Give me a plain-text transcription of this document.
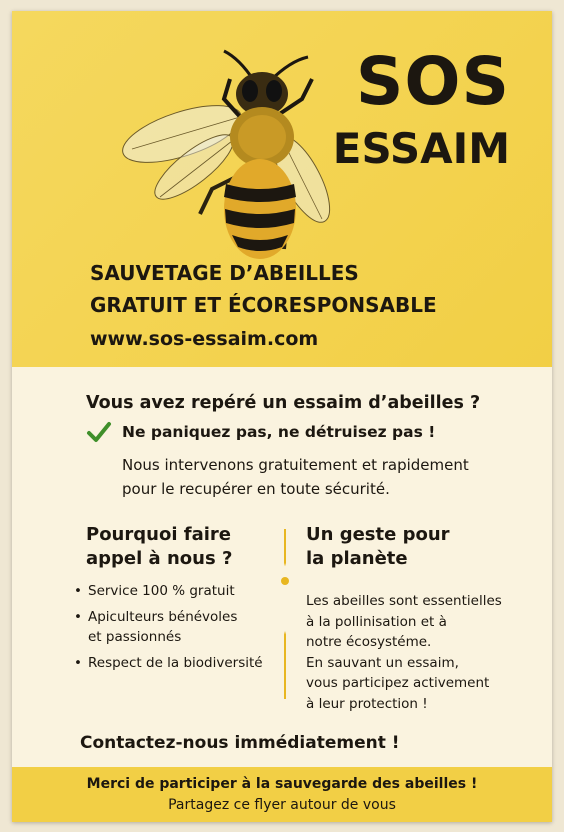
SOS
ESSAIM
SAUVETAGE D’ABEILLES
GRATUIT ET ÉCORESPONSABLE
www.sos-essaim.com
Vous avez repéré un essaim d’abeilles ?
Ne paniquez pas, ne détruisez pas !
Nous intervenons gratuitement et rapidement
pour le recupérer en toute sécurité.
Pourquoi faire
appel à nous ?
• Service 100 % gratuit
• Apiculteurs bénévoles
et passionnés
• Respect de la biodiversité
Un geste pour
la planète
Les abeilles sont essentielles
à la pollinisation et à
notre écosystéme.
En sauvant un essaim,
vous participez activement
à leur protection !
Contactez-nous immédiatement !
Merci de participer à la sauvegarde des abeilles !
Partagez ce flyer autour de vous
